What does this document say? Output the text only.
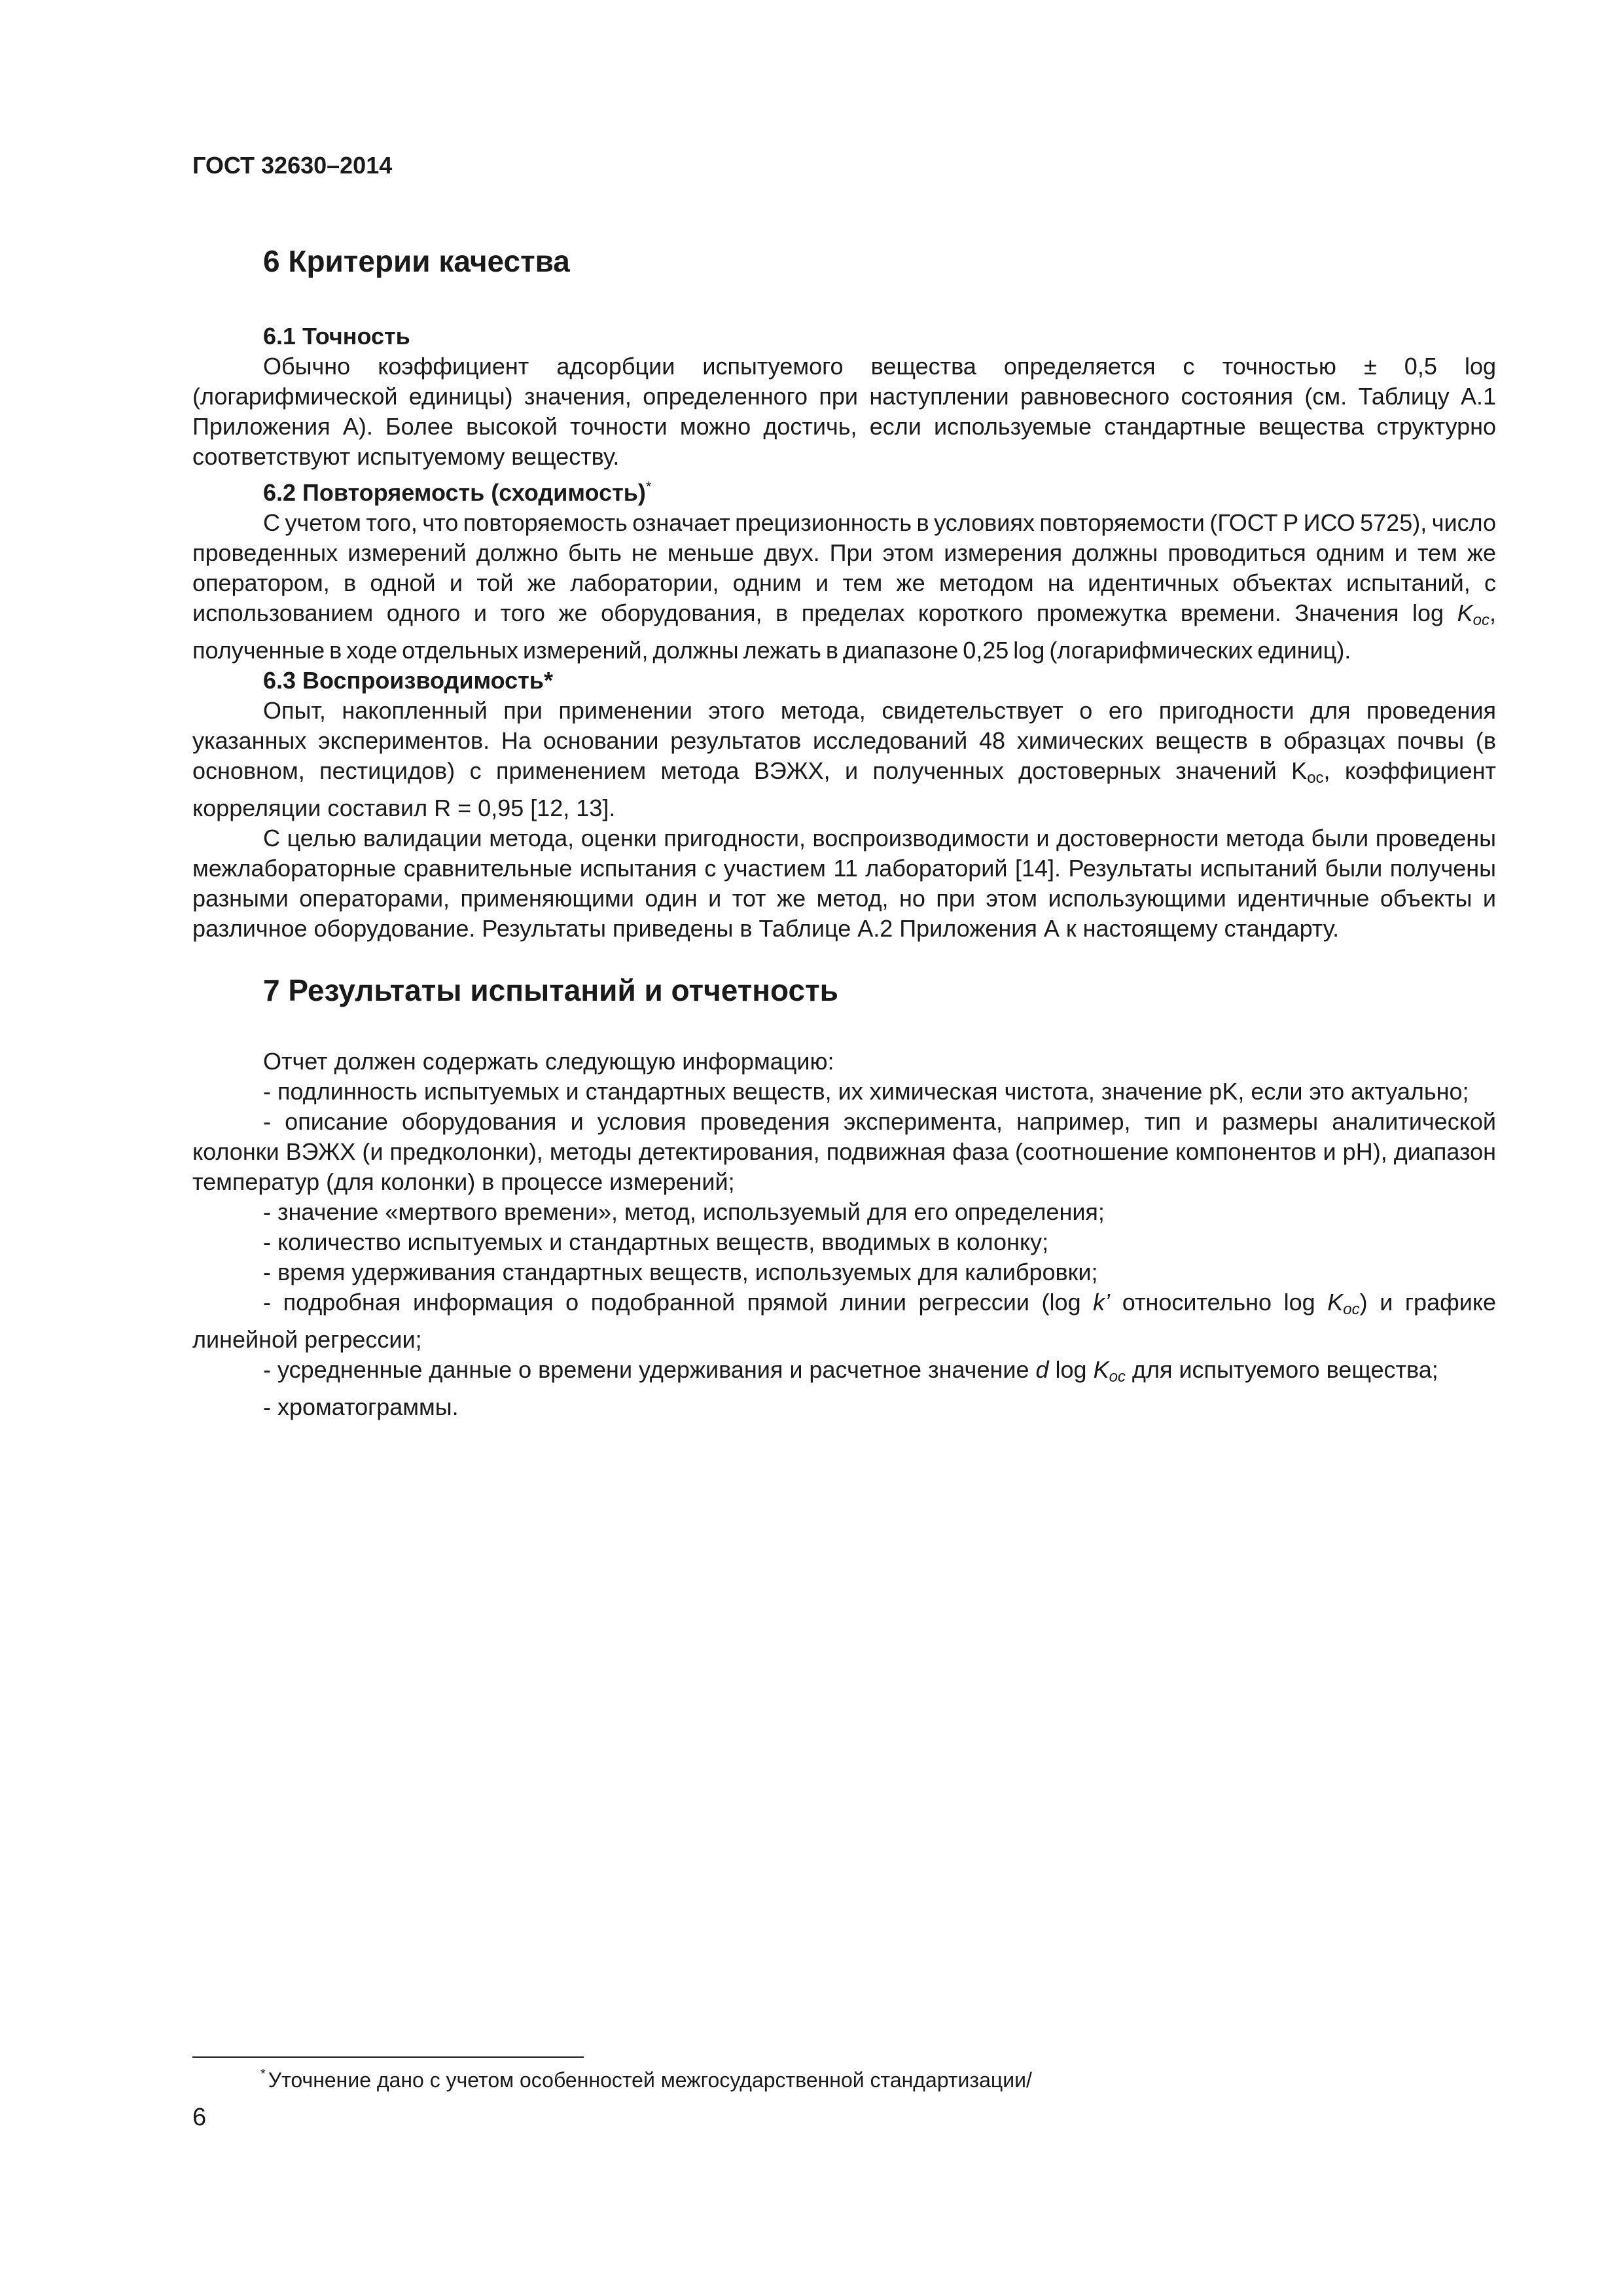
ГОСТ 32630–2014
6 Критерии качества
6.1 Точность

Обычно коэффициент адсорбции испытуемого вещества определяется с точностью ± 0,5 log (логарифмической единицы) значения, определенного при наступлении равновесного состояния (см. Таблицу А.1 Приложения А). Более высокой точности можно достичь, если используемые стандартные вещества структурно соответствуют испытуемому веществу.

6.2 Повторяемость (сходимость)*

С учетом того, что повторяемость означает прецизионность в условиях повторяемости (ГОСТ Р ИСО 5725), число проведенных измерений должно быть не меньше двух. При этом измерения должны проводиться одним и тем же оператором, в одной и той же лаборатории, одним и тем же методом на идентичных объектах испытаний, с использованием одного и того же оборудования, в пределах короткого промежутка времени. Значения $\log K_{oc}$, полученные в ходе отдельных измерений, должны лежать в диапазоне 0,25 log (логарифмических единиц).

6.3 Воспроизводимость*

Опыт, накопленный при применении этого метода, свидетельствует о его пригодности для проведения указанных экспериментов. На основании результатов исследований 48 химических веществ в образцах почвы (в основном, пестицидов) с применением метода ВЭЖХ, и полученных достоверных значений $K_{oc}$, коэффициент корреляции составил R = 0,95 [12, 13].

С целью валидации метода, оценки пригодности, воспроизводимости и достоверности метода были проведены межлабораторные сравнительные испытания с участием 11 лабораторий [14]. Результаты испытаний были получены разными операторами, применяющими один и тот же метод, но при этом использующими идентичные объекты и различное оборудование. Результаты приведены в Таблице А.2 Приложения А к настоящему стандарту.

7 Результаты испытаний и отчетность

Отчет должен содержать следующую информацию:

- подлинность испытуемых и стандартных веществ, их химическая чистота, значение pK, если это актуально;

- описание оборудования и условия проведения эксперимента, например, тип и размеры аналитической колонки ВЭЖХ (и предколонки), методы детектирования, подвижная фаза (соотношение компонентов и pH), диапазон температур (для колонки) в процессе измерений;

- значение «мертвого времени», метод, используемый для его определения;

- количество испытуемых и стандартных веществ, вводимых в колонку;

- время удерживания стандартных веществ, используемых для калибровки;

- подробная информация о подобранной прямой линии регрессии (log k’ относительно $\log K_{oc}$) и графике линейной регрессии;

- усредненные данные о времени удерживания и расчетное значение d $\log K_{oc}$ для испытуемого вещества;

- хроматограммы.

* Уточнение дано с учетом особенностей межгосударственной стандартизации/
6
